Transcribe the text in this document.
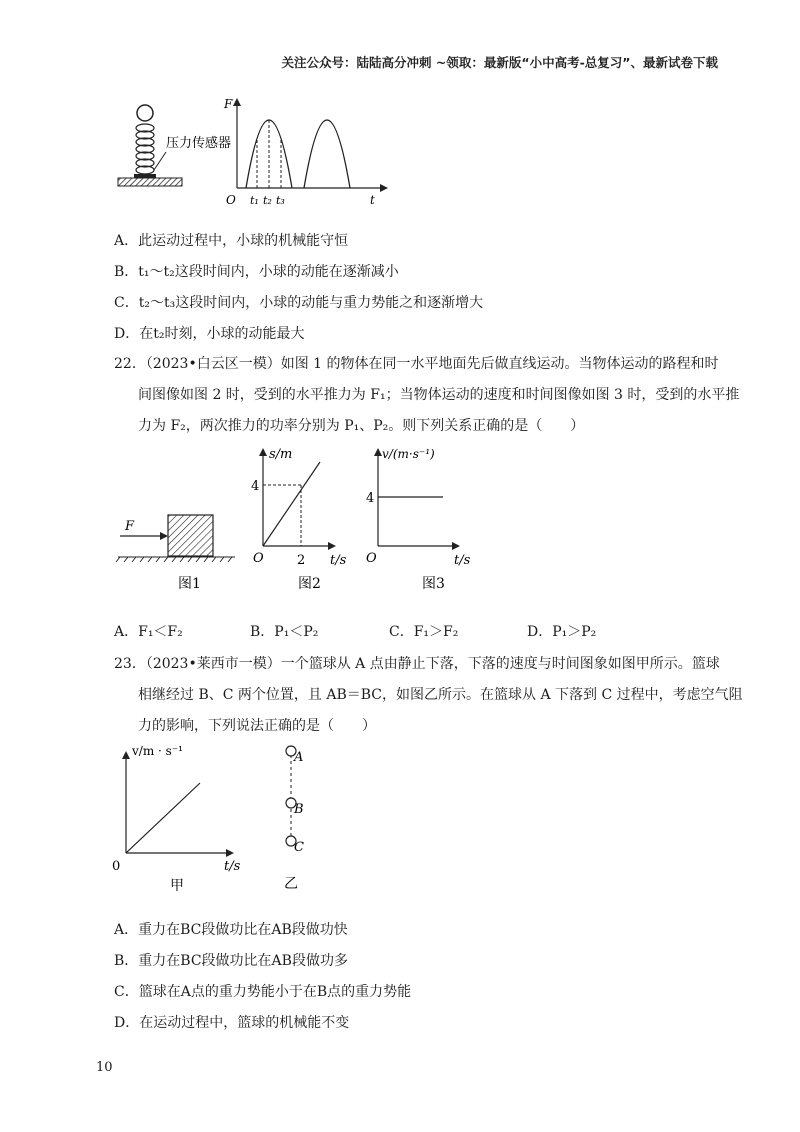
关注公众号：陆陆高分冲刺 ~领取：最新版“小中高考-总复习”、最新试卷下载
压力传感器
F
t
O t₁ t₂ t₃
A．此运动过程中，小球的机械能守恒
B．t₁～t₂这段时间内，小球的动能在逐渐减小
C．t₂～t₃这段时间内，小球的动能与重力势能之和逐渐增大
D．在t₂时刻，小球的动能最大
22．（2023•白云区一模）如图 1 的物体在同一水平地面先后做直线运动。当物体运动的路程和时
间图像如图 2 时，受到的水平推力为 F₁；当物体运动的速度和时间图像如图 3 时，受到的水平推
力为 F₂，两次推力的功率分别为 P₁、P₂。则下列关系正确的是（　　）
F
图1
s/m
t/s
O
4
2
图2
v/(m·s⁻¹)
t/s
O
4
图3
A．F₁＜F₂	B．P₁＜P₂	C．F₁＞F₂	D．P₁＞P₂
23．（2023•莱西市一模）一个篮球从 A 点由静止下落，下落的速度与时间图象如图甲所示。篮球
相继经过 B、C 两个位置，且 AB＝BC，如图乙所示。在篮球从 A 下落到 C 过程中，考虑空气阻
力的影响，下列说法正确的是（　　）
v/m · s⁻¹
t/s
0
甲
A
B
C
乙
A．重力在BC段做功比在AB段做功快
B．重力在BC段做功比在AB段做功多
C．篮球在A点的重力势能小于在B点的重力势能
D．在运动过程中，篮球的机械能不变
10
